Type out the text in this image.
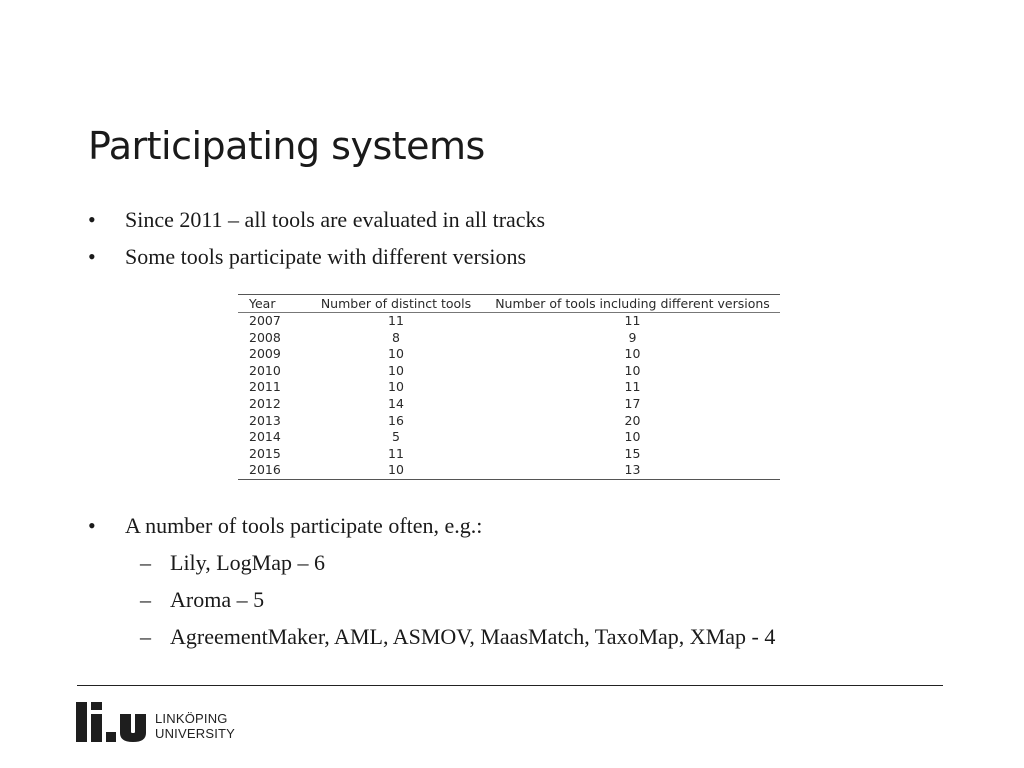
Participating systems
• Since 2011 – all tools are evaluated in all tracks
• Some tools participate with different versions
Year	Number of distinct tools	Number of tools including different versions
2007	11	11
2008	8	9
2009	10	10
2010	10	10
2011	10	11
2012	14	17
2013	16	20
2014	5	10
2015	11	15
2016	10	13
• A number of tools participate often, e.g.:
– Lily, LogMap – 6
– Aroma – 5
– AgreementMaker, AML, ASMOV, MaasMatch, TaxoMap, XMap - 4
LINKÖPING
UNIVERSITY
